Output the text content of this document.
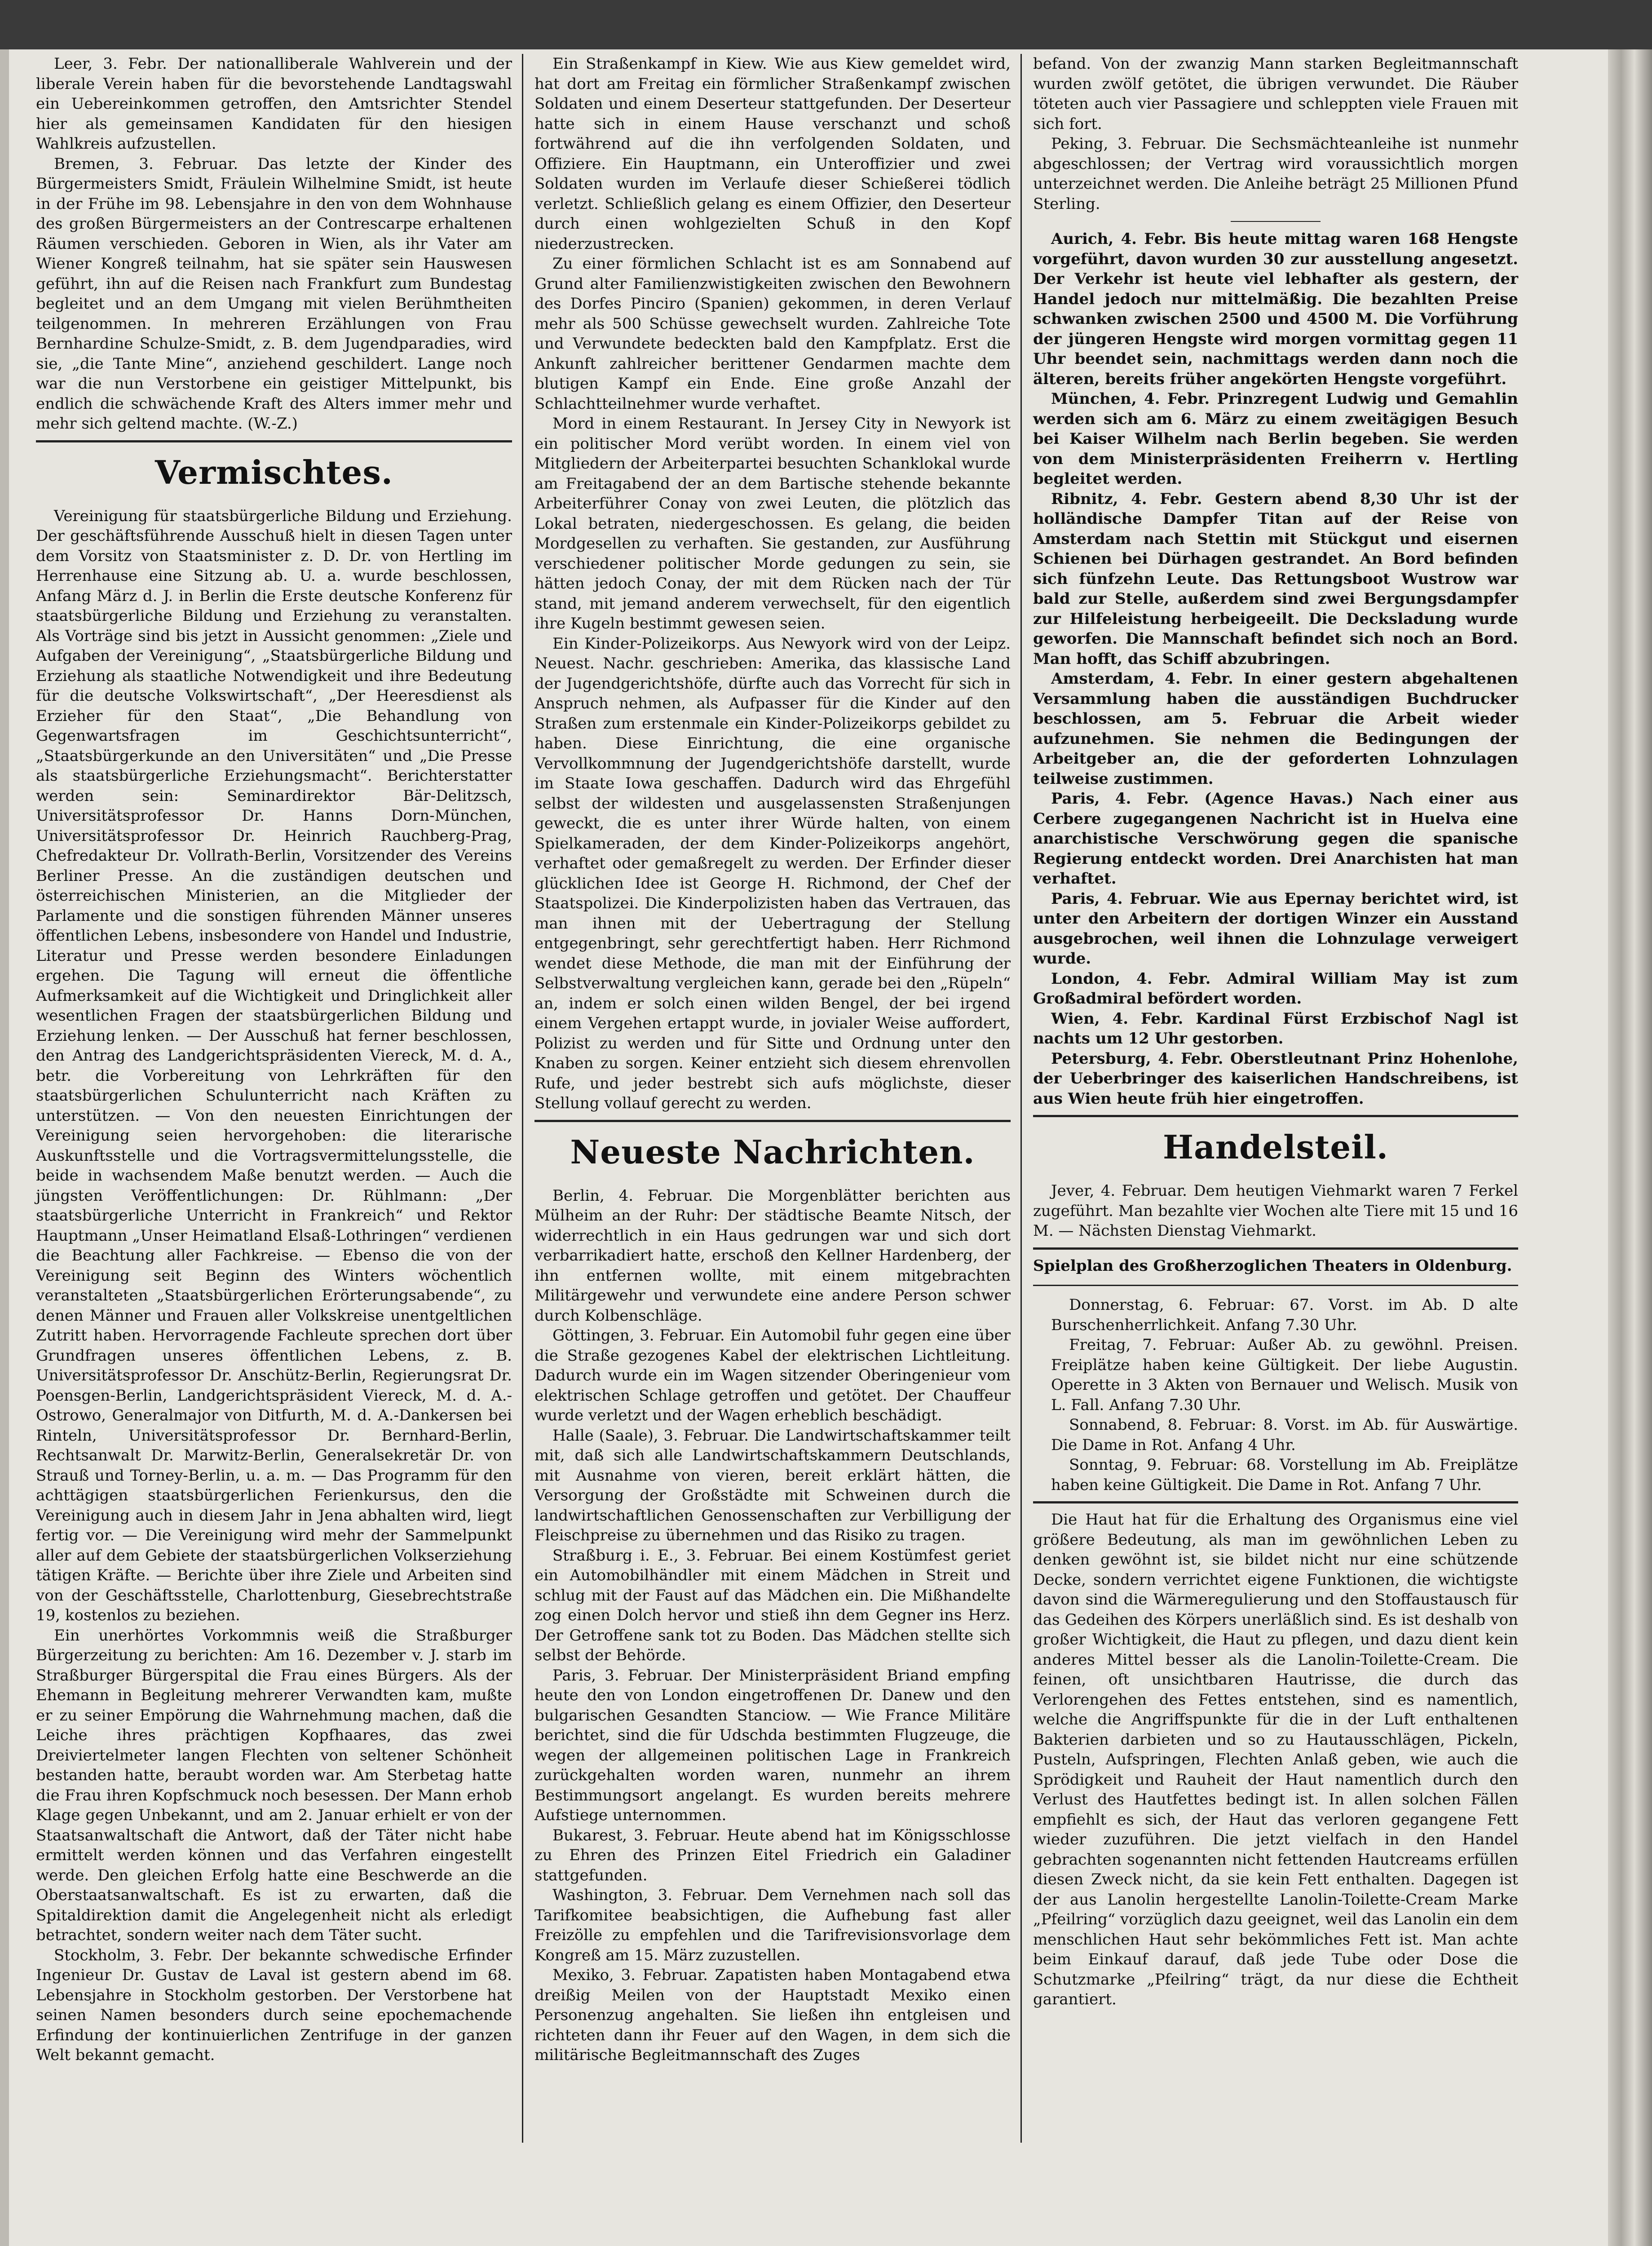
Leer, 3. Febr. Der nationalliberale Wahlverein und der liberale Verein haben für die bevorstehende Landtagswahl ein Uebereinkommen getroffen, den Amtsrichter Stendel hier als gemeinsamen Kandidaten für den hiesigen Wahlkreis aufzustellen.

Bremen, 3. Februar. Das letzte der Kinder des Bürgermeisters Smidt, Fräulein Wilhelmine Smidt, ist heute in der Frühe im 98. Lebensjahre in den von dem Wohnhause des großen Bürgermeisters an der Contrescarpe erhaltenen Räumen verschieden. Geboren in Wien, als ihr Vater am Wiener Kongreß teilnahm, hat sie später sein Hauswesen geführt, ihn auf die Reisen nach Frankfurt zum Bundestag begleitet und an dem Umgang mit vielen Berühmtheiten teilgenommen. In mehreren Erzählungen von Frau Bernhardine Schulze-Smidt, z. B. dem Jugendparadies, wird sie, „die Tante Mine“, anziehend geschildert. Lange noch war die nun Verstorbene ein geistiger Mittelpunkt, bis endlich die schwächende Kraft des Alters immer mehr und mehr sich geltend machte. (W.-Z.)

Vermischtes.

Vereinigung für staatsbürgerliche Bildung und Erziehung. Der geschäftsführende Ausschuß hielt in diesen Tagen unter dem Vorsitz von Staatsminister z. D. Dr. von Hertling im Herrenhause eine Sitzung ab. U. a. wurde beschlossen, Anfang März d. J. in Berlin die Erste deutsche Konferenz für staatsbürgerliche Bildung und Erziehung zu veranstalten. Als Vorträge sind bis jetzt in Aussicht genommen: „Ziele und Aufgaben der Vereinigung“, „Staatsbürgerliche Bildung und Erziehung als staatliche Notwendigkeit und ihre Bedeutung für die deutsche Volkswirtschaft“, „Der Heeresdienst als Erzieher für den Staat“, „Die Behandlung von Gegenwartsfragen im Geschichtsunterricht“, „Staatsbürgerkunde an den Universitäten“ und „Die Presse als staatsbürgerliche Erziehungsmacht“. Berichterstatter werden sein: Seminardirektor Bär-Delitzsch, Universitätsprofessor Dr. Hanns Dorn-München, Universitätsprofessor Dr. Heinrich Rauchberg-Prag, Chefredakteur Dr. Vollrath-Berlin, Vorsitzender des Vereins Berliner Presse. An die zuständigen deutschen und österreichischen Ministerien, an die Mitglieder der Parlamente und die sonstigen führenden Männer unseres öffentlichen Lebens, insbesondere von Handel und Industrie, Literatur und Presse werden besondere Einladungen ergehen. Die Tagung will erneut die öffentliche Aufmerksamkeit auf die Wichtigkeit und Dringlichkeit aller wesentlichen Fragen der staatsbürgerlichen Bildung und Erziehung lenken. — Der Ausschuß hat ferner beschlossen, den Antrag des Landgerichtspräsidenten Viereck, M. d. A., betr. die Vorbereitung von Lehrkräften für den staatsbürgerlichen Schulunterricht nach Kräften zu unterstützen. — Von den neuesten Einrichtungen der Vereinigung seien hervorgehoben: die literarische Auskunftsstelle und die Vortragsvermittelungsstelle, die beide in wachsendem Maße benutzt werden. — Auch die jüngsten Veröffentlichungen: Dr. Rühlmann: „Der staatsbürgerliche Unterricht in Frankreich“ und Rektor Hauptmann „Unser Heimatland Elsaß-Lothringen“ verdienen die Beachtung aller Fachkreise. — Ebenso die von der Vereinigung seit Beginn des Winters wöchentlich veranstalteten „Staatsbürgerlichen Erörterungsabende“, zu denen Männer und Frauen aller Volkskreise unentgeltlichen Zutritt haben. Hervorragende Fachleute sprechen dort über Grundfragen unseres öffentlichen Lebens, z. B. Universitätsprofessor Dr. Anschütz-Berlin, Regierungsrat Dr. Poensgen-Berlin, Landgerichtspräsident Viereck, M. d. A.-Ostrowo, Generalmajor von Ditfurth, M. d. A.-Dankersen bei Rinteln, Universitätsprofessor Dr. Bernhard-Berlin, Rechtsanwalt Dr. Marwitz-Berlin, Generalsekretär Dr. von Strauß und Torney-Berlin, u. a. m. — Das Programm für den achttägigen staatsbürgerlichen Ferienkursus, den die Vereinigung auch in diesem Jahr in Jena abhalten wird, liegt fertig vor. — Die Vereinigung wird mehr der Sammelpunkt aller auf dem Gebiete der staatsbürgerlichen Volkserziehung tätigen Kräfte. — Berichte über ihre Ziele und Arbeiten sind von der Geschäftsstelle, Charlottenburg, Giesebrechtstraße 19, kostenlos zu beziehen.

Ein unerhörtes Vorkommnis weiß die Straßburger Bürgerzeitung zu berichten: Am 16. Dezember v. J. starb im Straßburger Bürgerspital die Frau eines Bürgers. Als der Ehemann in Begleitung mehrerer Verwandten kam, mußte er zu seiner Empörung die Wahrnehmung machen, daß die Leiche ihres prächtigen Kopfhaares, das zwei Dreiviertelmeter langen Flechten von seltener Schönheit bestanden hatte, beraubt worden war. Am Sterbetag hatte die Frau ihren Kopfschmuck noch besessen. Der Mann erhob Klage gegen Unbekannt, und am 2. Januar erhielt er von der Staatsanwaltschaft die Antwort, daß der Täter nicht habe ermittelt werden können und das Verfahren eingestellt werde. Den gleichen Erfolg hatte eine Beschwerde an die Oberstaatsanwaltschaft. Es ist zu erwarten, daß die Spitaldirektion damit die Angelegenheit nicht als erledigt betrachtet, sondern weiter nach dem Täter sucht.

Stockholm, 3. Febr. Der bekannte schwedische Erfinder Ingenieur Dr. Gustav de Laval ist gestern abend im 68. Lebensjahre in Stockholm gestorben. Der Verstorbene hat seinen Namen besonders durch seine epochemachende Erfindung der kontinuierlichen Zentrifuge in der ganzen Welt bekannt gemacht.

Ein Straßenkampf in Kiew. Wie aus Kiew gemeldet wird, hat dort am Freitag ein förmlicher Straßenkampf zwischen Soldaten und einem Deserteur stattgefunden. Der Deserteur hatte sich in einem Hause verschanzt und schoß fortwährend auf die ihn verfolgenden Soldaten, und Offiziere. Ein Hauptmann, ein Unteroffizier und zwei Soldaten wurden im Verlaufe dieser Schießerei tödlich verletzt. Schließlich gelang es einem Offizier, den Deserteur durch einen wohlgezielten Schuß in den Kopf niederzustrecken.

Zu einer förmlichen Schlacht ist es am Sonnabend auf Grund alter Familienzwistigkeiten zwischen den Bewohnern des Dorfes Pinciro (Spanien) gekommen, in deren Verlauf mehr als 500 Schüsse gewechselt wurden. Zahlreiche Tote und Verwundete bedeckten bald den Kampfplatz. Erst die Ankunft zahlreicher berittener Gendarmen machte dem blutigen Kampf ein Ende. Eine große Anzahl der Schlachtteilnehmer wurde verhaftet.

Mord in einem Restaurant. In Jersey City in Newyork ist ein politischer Mord verübt worden. In einem viel von Mitgliedern der Arbeiterpartei besuchten Schanklokal wurde am Freitagabend der an dem Bartische stehende bekannte Arbeiterführer Conay von zwei Leuten, die plötzlich das Lokal betraten, niedergeschossen. Es gelang, die beiden Mordgesellen zu verhaften. Sie gestanden, zur Ausführung verschiedener politischer Morde gedungen zu sein, sie hätten jedoch Conay, der mit dem Rücken nach der Tür stand, mit jemand anderem verwechselt, für den eigentlich ihre Kugeln bestimmt gewesen seien.

Ein Kinder-Polizeikorps. Aus Newyork wird von der Leipz. Neuest. Nachr. geschrieben: Amerika, das klassische Land der Jugendgerichtshöfe, dürfte auch das Vorrecht für sich in Anspruch nehmen, als Aufpasser für die Kinder auf den Straßen zum erstenmale ein Kinder-Polizeikorps gebildet zu haben. Diese Einrichtung, die eine organische Vervollkommnung der Jugendgerichtshöfe darstellt, wurde im Staate Iowa geschaffen. Dadurch wird das Ehrgefühl selbst der wildesten und ausgelassensten Straßenjungen geweckt, die es unter ihrer Würde halten, von einem Spielkameraden, der dem Kinder-Polizeikorps angehört, verhaftet oder gemaßregelt zu werden. Der Erfinder dieser glücklichen Idee ist George H. Richmond, der Chef der Staatspolizei. Die Kinderpolizisten haben das Vertrauen, das man ihnen mit der Uebertragung der Stellung entgegenbringt, sehr gerechtfertigt haben. Herr Richmond wendet diese Methode, die man mit der Einführung der Selbstverwaltung vergleichen kann, gerade bei den „Rüpeln“ an, indem er solch einen wilden Bengel, der bei irgend einem Vergehen ertappt wurde, in jovialer Weise auffordert, Polizist zu werden und für Sitte und Ordnung unter den Knaben zu sorgen. Keiner entzieht sich diesem ehrenvollen Rufe, und jeder bestrebt sich aufs möglichste, dieser Stellung vollauf gerecht zu werden.

Neueste Nachrichten.

Berlin, 4. Februar. Die Morgenblätter berichten aus Mülheim an der Ruhr: Der städtische Beamte Nitsch, der widerrechtlich in ein Haus gedrungen war und sich dort verbarrikadiert hatte, erschoß den Kellner Hardenberg, der ihn entfernen wollte, mit einem mitgebrachten Militärgewehr und verwundete eine andere Person schwer durch Kolbenschläge.

Göttingen, 3. Februar. Ein Automobil fuhr gegen eine über die Straße gezogenes Kabel der elektrischen Lichtleitung. Dadurch wurde ein im Wagen sitzender Oberingenieur vom elektrischen Schlage getroffen und getötet. Der Chauffeur wurde verletzt und der Wagen erheblich beschädigt.

Halle (Saale), 3. Februar. Die Landwirtschaftskammer teilt mit, daß sich alle Landwirtschaftskammern Deutschlands, mit Ausnahme von vieren, bereit erklärt hätten, die Versorgung der Großstädte mit Schweinen durch die landwirtschaftlichen Genossenschaften zur Verbilligung der Fleischpreise zu übernehmen und das Risiko zu tragen.

Straßburg i. E., 3. Februar. Bei einem Kostümfest geriet ein Automobilhändler mit einem Mädchen in Streit und schlug mit der Faust auf das Mädchen ein. Die Mißhandelte zog einen Dolch hervor und stieß ihn dem Gegner ins Herz. Der Getroffene sank tot zu Boden. Das Mädchen stellte sich selbst der Behörde.

Paris, 3. Februar. Der Ministerpräsident Briand empfing heute den von London eingetroffenen Dr. Danew und den bulgarischen Gesandten Stanciow. — Wie France Militäre berichtet, sind die für Udschda bestimmten Flugzeuge, die wegen der allgemeinen politischen Lage in Frankreich zurückgehalten worden waren, nunmehr an ihrem Bestimmungsort angelangt. Es wurden bereits mehrere Aufstiege unternommen.

Bukarest, 3. Februar. Heute abend hat im Königsschlosse zu Ehren des Prinzen Eitel Friedrich ein Galadiner stattgefunden.

Washington, 3. Februar. Dem Vernehmen nach soll das Tarifkomitee beabsichtigen, die Aufhebung fast aller Freizölle zu empfehlen und die Tarifrevisionsvorlage dem Kongreß am 15. März zuzustellen.

Mexiko, 3. Februar. Zapatisten haben Montagabend etwa dreißig Meilen von der Hauptstadt Mexiko einen Personenzug angehalten. Sie ließen ihn entgleisen und richteten dann ihr Feuer auf den Wagen, in dem sich die militärische Begleitmannschaft des Zuges

befand. Von der zwanzig Mann starken Begleitmannschaft wurden zwölf getötet, die übrigen verwundet. Die Räuber töteten auch vier Passagiere und schleppten viele Frauen mit sich fort.

Peking, 3. Februar. Die Sechsmächteanleihe ist nunmehr abgeschlossen; der Vertrag wird voraussichtlich morgen unterzeichnet werden. Die Anleihe beträgt 25 Millionen Pfund Sterling.

Aurich, 4. Febr. Bis heute mittag waren 168 Hengste vorgeführt, davon wurden 30 zur ausstellung angesetzt. Der Verkehr ist heute viel lebhafter als gestern, der Handel jedoch nur mittelmäßig. Die bezahlten Preise schwanken zwischen 2500 und 4500 M. Die Vorführung der jüngeren Hengste wird morgen vormittag gegen 11 Uhr beendet sein, nachmittags werden dann noch die älteren, bereits früher angekörten Hengste vorgeführt.

München, 4. Febr. Prinzregent Ludwig und Gemahlin werden sich am 6. März zu einem zweitägigen Besuch bei Kaiser Wilhelm nach Berlin begeben. Sie werden von dem Ministerpräsidenten Freiherrn v. Hertling begleitet werden.

Ribnitz, 4. Febr. Gestern abend 8,30 Uhr ist der holländische Dampfer Titan auf der Reise von Amsterdam nach Stettin mit Stückgut und eisernen Schienen bei Dürhagen gestrandet. An Bord befinden sich fünfzehn Leute. Das Rettungsboot Wustrow war bald zur Stelle, außerdem sind zwei Bergungsdampfer zur Hilfeleistung herbeigeeilt. Die Decksladung wurde geworfen. Die Mannschaft befindet sich noch an Bord. Man hofft, das Schiff abzubringen.

Amsterdam, 4. Febr. In einer gestern abgehaltenen Versammlung haben die ausständigen Buchdrucker beschlossen, am 5. Februar die Arbeit wieder aufzunehmen. Sie nehmen die Bedingungen der Arbeitgeber an, die der geforderten Lohnzulagen teilweise zustimmen.

Paris, 4. Febr. (Agence Havas.) Nach einer aus Cerbere zugegangenen Nachricht ist in Huelva eine anarchistische Verschwörung gegen die spanische Regierung entdeckt worden. Drei Anarchisten hat man verhaftet.

Paris, 4. Februar. Wie aus Epernay berichtet wird, ist unter den Arbeitern der dortigen Winzer ein Ausstand ausgebrochen, weil ihnen die Lohnzulage verweigert wurde.

London, 4. Febr. Admiral William May ist zum Großadmiral befördert worden.

Wien, 4. Febr. Kardinal Fürst Erzbischof Nagl ist nachts um 12 Uhr gestorben.

Petersburg, 4. Febr. Oberstleutnant Prinz Hohenlohe, der Ueberbringer des kaiserlichen Handschreibens, ist aus Wien heute früh hier eingetroffen.

Handelsteil.

Jever, 4. Februar. Dem heutigen Viehmarkt waren 7 Ferkel zugeführt. Man bezahlte vier Wochen alte Tiere mit 15 und 16 M. — Nächsten Dienstag Viehmarkt.

Spielplan des Großherzoglichen Theaters in Oldenburg.

Donnerstag, 6. Februar: 67. Vorst. im Ab. D alte Burschenherrlichkeit. Anfang 7.30 Uhr.

Freitag, 7. Februar: Außer Ab. zu gewöhnl. Preisen. Freiplätze haben keine Gültigkeit. Der liebe Augustin. Operette in 3 Akten von Bernauer und Welisch. Musik von L. Fall. Anfang 7.30 Uhr.

Sonnabend, 8. Februar: 8. Vorst. im Ab. für Auswärtige. Die Dame in Rot. Anfang 4 Uhr.

Sonntag, 9. Februar: 68. Vorstellung im Ab. Freiplätze haben keine Gültigkeit. Die Dame in Rot. Anfang 7 Uhr.

Die Haut hat für die Erhaltung des Organismus eine viel größere Bedeutung, als man im gewöhnlichen Leben zu denken gewöhnt ist, sie bildet nicht nur eine schützende Decke, sondern verrichtet eigene Funktionen, die wichtigste davon sind die Wärmeregulierung und den Stoffaustausch für das Gedeihen des Körpers unerläßlich sind. Es ist deshalb von großer Wichtigkeit, die Haut zu pflegen, und dazu dient kein anderes Mittel besser als die Lanolin-Toilette-Cream. Die feinen, oft unsichtbaren Hautrisse, die durch das Verlorengehen des Fettes entstehen, sind es namentlich, welche die Angriffspunkte für die in der Luft enthaltenen Bakterien darbieten und so zu Hautausschlägen, Pickeln, Pusteln, Aufspringen, Flechten Anlaß geben, wie auch die Sprödigkeit und Rauheit der Haut namentlich durch den Verlust des Hautfettes bedingt ist. In allen solchen Fällen empfiehlt es sich, der Haut das verloren gegangene Fett wieder zuzuführen. Die jetzt vielfach in den Handel gebrachten sogenannten nicht fettenden Hautcreams erfüllen diesen Zweck nicht, da sie kein Fett enthalten. Dagegen ist der aus Lanolin hergestellte Lanolin-Toilette-Cream Marke „Pfeilring“ vorzüglich dazu geeignet, weil das Lanolin ein dem menschlichen Haut sehr bekömmliches Fett ist. Man achte beim Einkauf darauf, daß jede Tube oder Dose die Schutzmarke „Pfeilring“ trägt, da nur diese die Echtheit garantiert.
